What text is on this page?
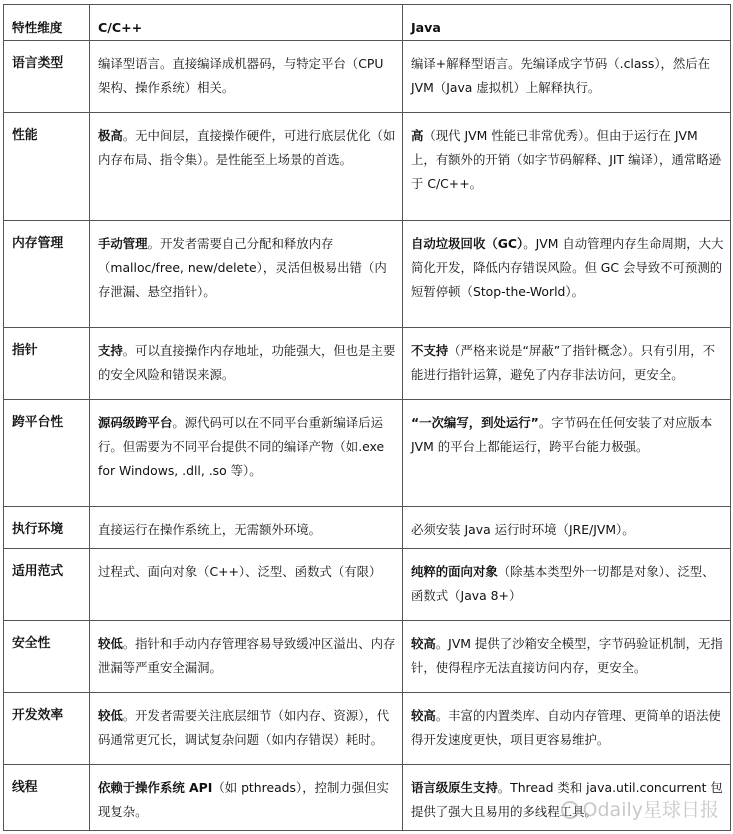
特性维度	C/C++	Java
语言类型	编译型语言。直接编译成机器码，与特定平台（CPU 架构、操作系统）相关。	编译+解释型语言。先编译成字节码（.class），然后在 JVM（Java 虚拟机）上解释执行。
性能	极高。无中间层，直接操作硬件，可进行底层优化（如内存布局、指令集）。是性能至上场景的首选。	高（现代 JVM 性能已非常优秀）。但由于运行在 JVM 上，有额外的开销（如字节码解释、JIT 编译），通常略逊于 C/C++。
内存管理	手动管理。开发者需要自己分配和释放内存（malloc/free, new/delete），灵活但极易出错（内存泄漏、悬空指针）。	自动垃圾回收（GC）。JVM 自动管理内存生命周期，大大简化开发，降低内存错误风险。但 GC 会导致不可预测的短暂停顿（Stop-the-World）。
指针	支持。可以直接操作内存地址，功能强大，但也是主要的安全风险和错误来源。	不支持（严格来说是“屏蔽”了指针概念）。只有引用，不能进行指针运算，避免了内存非法访问，更安全。
跨平台性	源码级跨平台。源代码可以在不同平台重新编译后运行。但需要为不同平台提供不同的编译产物（如.exe for Windows, .dll, .so 等）。	“一次编写，到处运行”。字节码在任何安装了对应版本 JVM 的平台上都能运行，跨平台能力极强。
执行环境	直接运行在操作系统上，无需额外环境。	必须安装 Java 运行时环境（JRE/JVM）。
适用范式	过程式、面向对象（C++）、泛型、函数式（有限）	纯粹的面向对象（除基本类型外一切都是对象）、泛型、函数式（Java 8+）
安全性	较低。指针和手动内存管理容易导致缓冲区溢出、内存泄漏等严重安全漏洞。	较高。JVM 提供了沙箱安全模型，字节码验证机制，无指针，使得程序无法直接访问内存，更安全。
开发效率	较低。开发者需要关注底层细节（如内存、资源），代码通常更冗长，调试复杂问题（如内存错误）耗时。	较高。丰富的内置类库、自动内存管理、更简单的语法使得开发速度更快，项目更容易维护。
线程	依赖于操作系统 API（如 pthreads），控制力强但实现复杂。	语言级原生支持。Thread 类和 java.util.concurrent 包提供了强大且易用的多线程工具。
Odaily星球日报
